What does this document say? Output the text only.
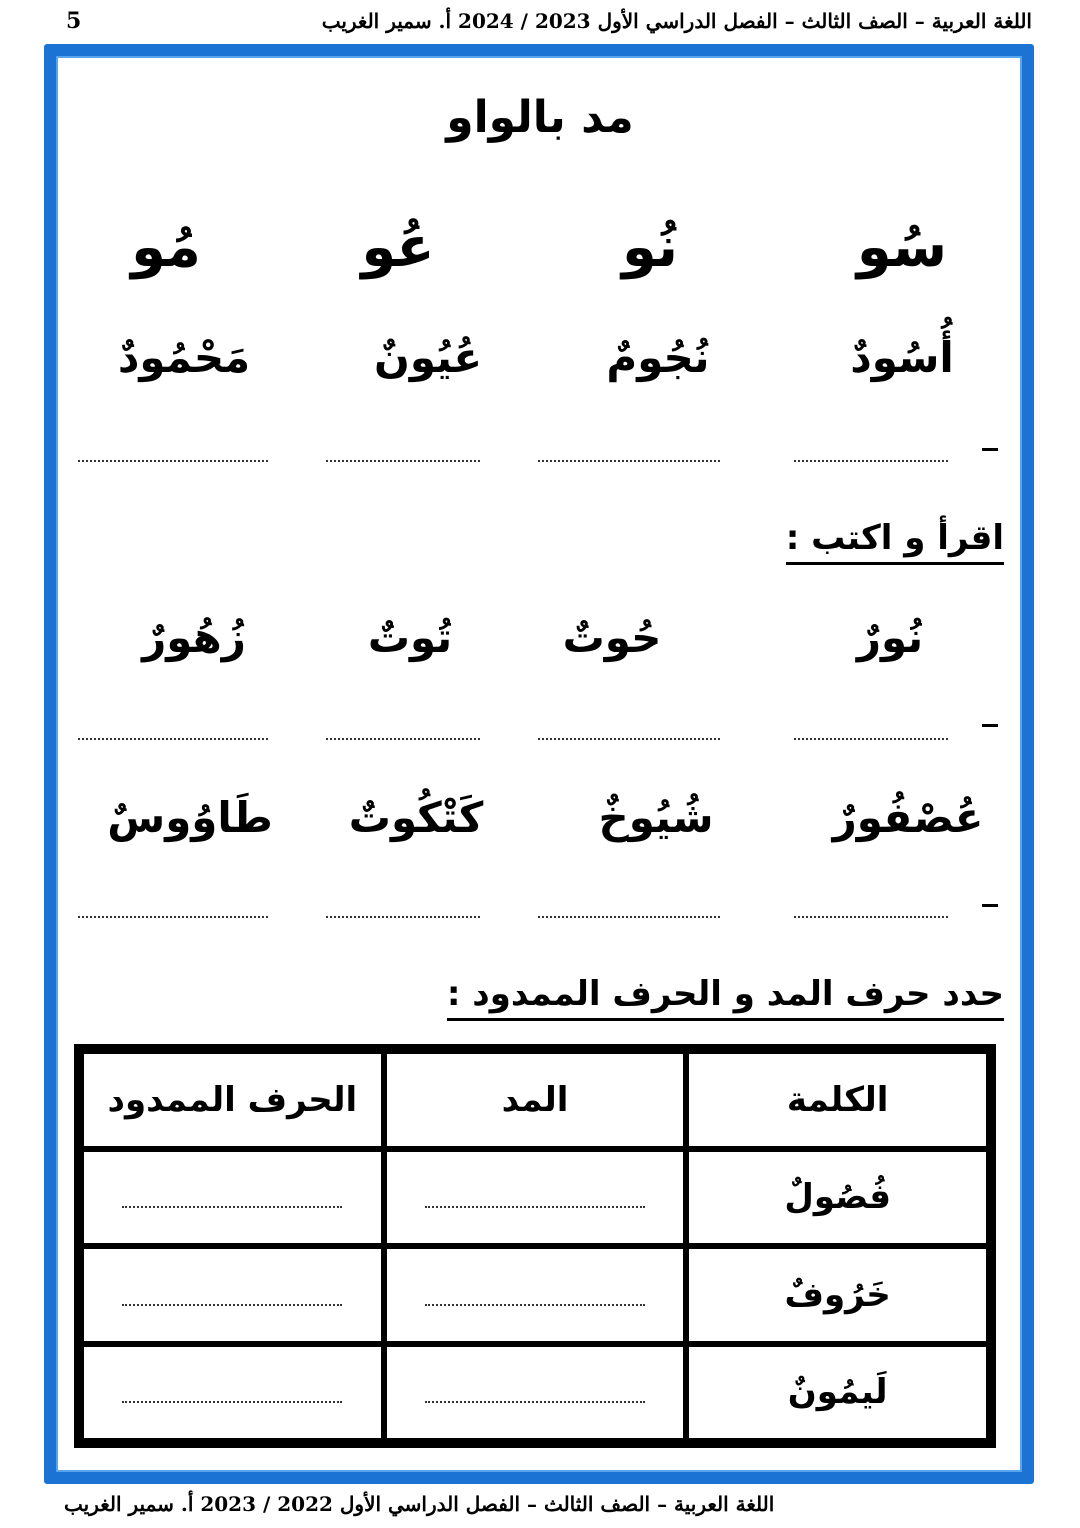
5	اللغة العربية – الصف الثالث – الفصل الدراسي الأول 2023 / 2024 أ. سمير الغريب
مد بالواو
سُو
نُو
عُو
مُو
أُسُودٌ
نُجُومٌ
عُيُونٌ
مَحْمُودٌ
اقرأ و اكتب :
نُورٌ
حُوتٌ
تُوتٌ
زُهُورٌ
عُصْفُورٌ
شُيُوخٌ
كَتْكُوتٌ
طَاوُوسٌ
حدد حرف المد و الحرف الممدود :
الكلمة
المد
الحرف الممدود
فُصُولٌ
خَرُوفٌ
لَيمُونٌ
اللغة العربية – الصف الثالث – الفصل الدراسي الأول 2022 / 2023 أ. سمير الغريب
